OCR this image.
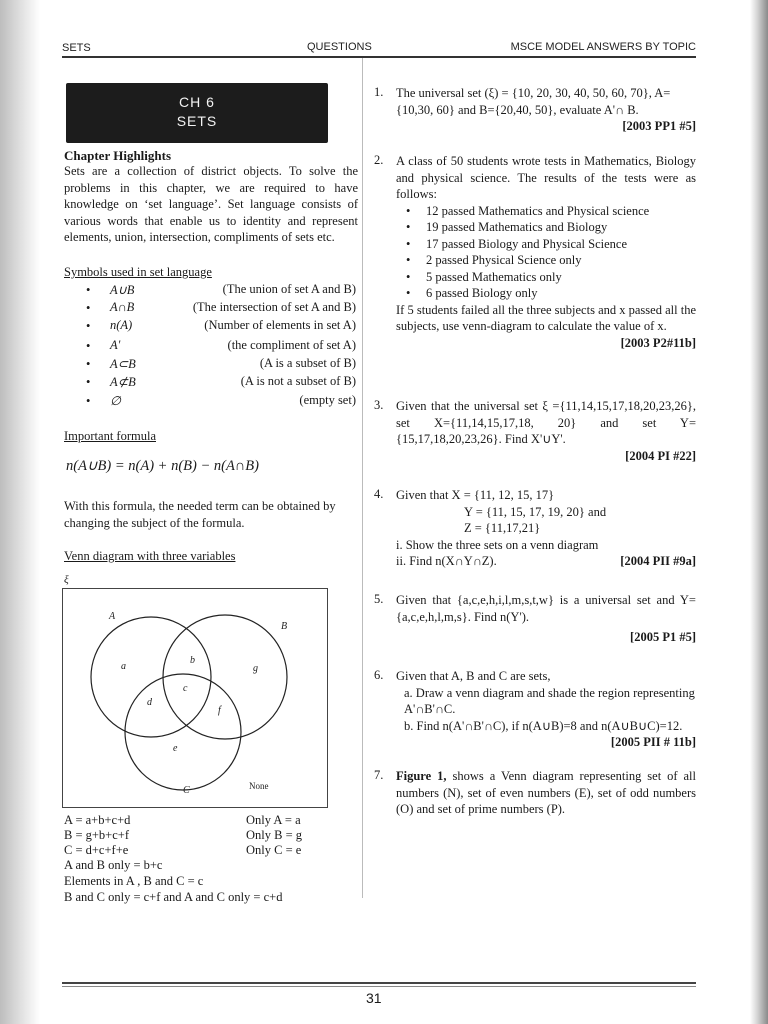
SETS	QUESTIONS	MSCE MODEL ANSWERS BY TOPIC
CH 6
SETS
Chapter Highlights
Sets are a collection of district objects. To solve the problems in this chapter, we are required to have knowledge on ‘set language’. Set language consists of various words that enable us to identity and represent elements, union, intersection, compliments of sets etc.
Symbols used in set language
• A∪B	(The union of set A and B)
• A∩B	(The intersection of set A and B)
• n(A)	(Number of elements in set A)
• A'	(the compliment of set A)
• A⊂B	(A is a subset of B)
• A⊄B	(A is not a subset of B)
• ∅	(empty set)
Important formula
n(A∪B) = n(A) + n(B) − n(A∩B)
With this formula, the needed term can be obtained by changing the subject of the formula.
Venn diagram with three variables
ξ
A
B
C
a
b
c
d
e
f
g
None
A = a+b+c+d	Only A = a
B = g+b+c+f	Only B = g
C = d+c+f+e	Only C = e
A and B only = b+c
Elements in A , B and C = c
B and C only = c+f and A and C only = c+d
1. The universal set (ξ) = {10, 20, 30, 40, 50, 60, 70}, A={10,30, 60} and B={20,40, 50}, evaluate A'∩ B.
[2003 PP1 #5]
2. A class of 50 students wrote tests in Mathematics, Biology and physical science. The results of the tests were as follows:
• 12 passed Mathematics and Physical science
• 19 passed Mathematics and Biology
• 17 passed Biology and Physical Science
• 2 passed Physical Science only
• 5 passed Mathematics only
• 6 passed Biology only
If 5 students failed all the three subjects and x passed all the subjects, use venn-diagram to calculate the value of x.
[2003 P2#11b]
3. Given that the universal set ξ ={11,14,15,17,18,20,23,26}, set X={11,14,15,17,18, 20} and set Y={15,17,18,20,23,26}. Find X'∪Y'.
[2004 PI #22]
4. Given that X = {11, 12, 15, 17}
Y = {11, 15, 17, 19, 20} and
Z = {11,17,21}
i. Show the three sets on a venn diagram
ii. Find n(X∩Y∩Z).	[2004 PII #9a]
5. Given that {a,c,e,h,i,l,m,s,t,w} is a universal set and Y={a,c,e,h,l,m,s}. Find n(Y').
[2005 P1 #5]
6. Given that A, B and C are sets,
a. Draw a venn diagram and shade the region representing A'∩B'∩C.
b. Find n(A'∩B'∩C), if n(A∪B)=8 and n(A∪B∪C)=12.
[2005 PII # 11b]
7. Figure 1, shows a Venn diagram representing set of all numbers (N), set of even numbers (E), set of odd numbers (O) and set of prime numbers (P).
31
